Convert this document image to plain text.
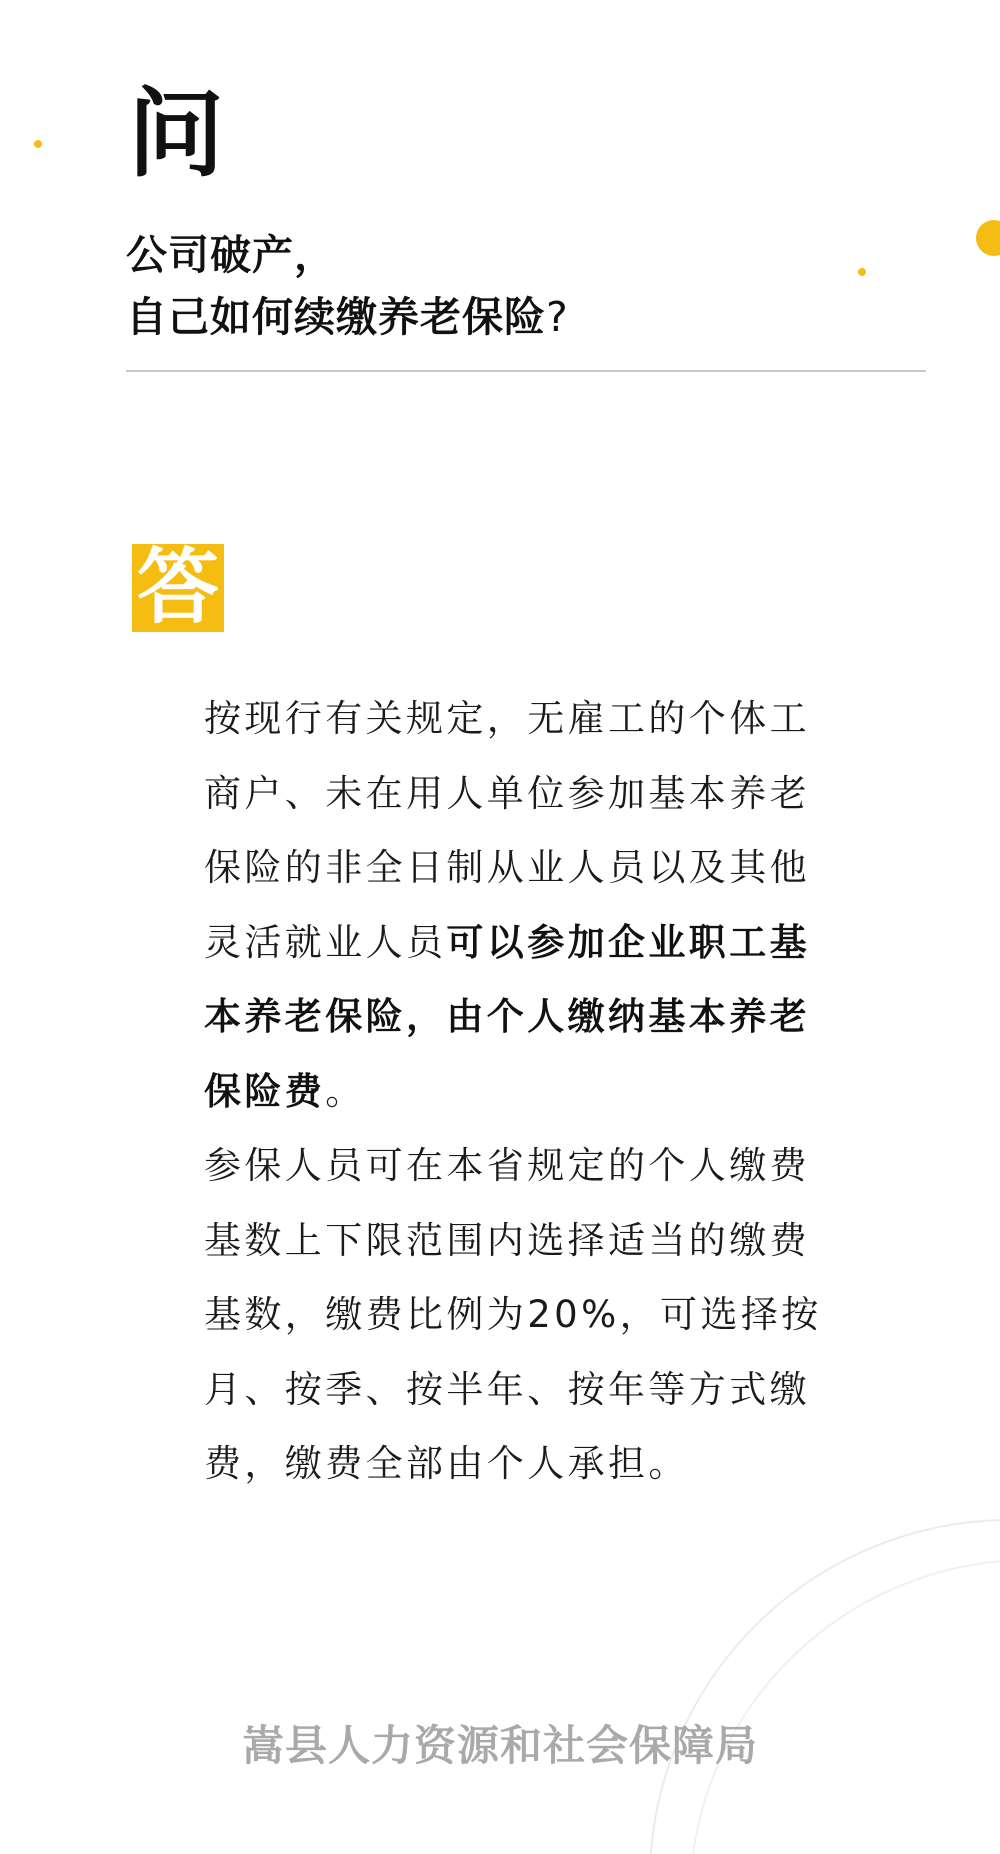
问
公司破产，
自己如何续缴养老保险?
答

按现行有关规定，无雇工的个体工商户、未在用人单位参加基本养老保险的非全日制从业人员以及其他灵活就业人员可以参加企业职工基本养老保险，由个人缴纳基本养老保险费。

参保人员可在本省规定的个人缴费基数上下限范围内选择适当的缴费基数，缴费比例为20%，可选择按月、按季、按半年、按年等方式缴费，缴费全部由个人承担。

嵩县人力资源和社会保障局
